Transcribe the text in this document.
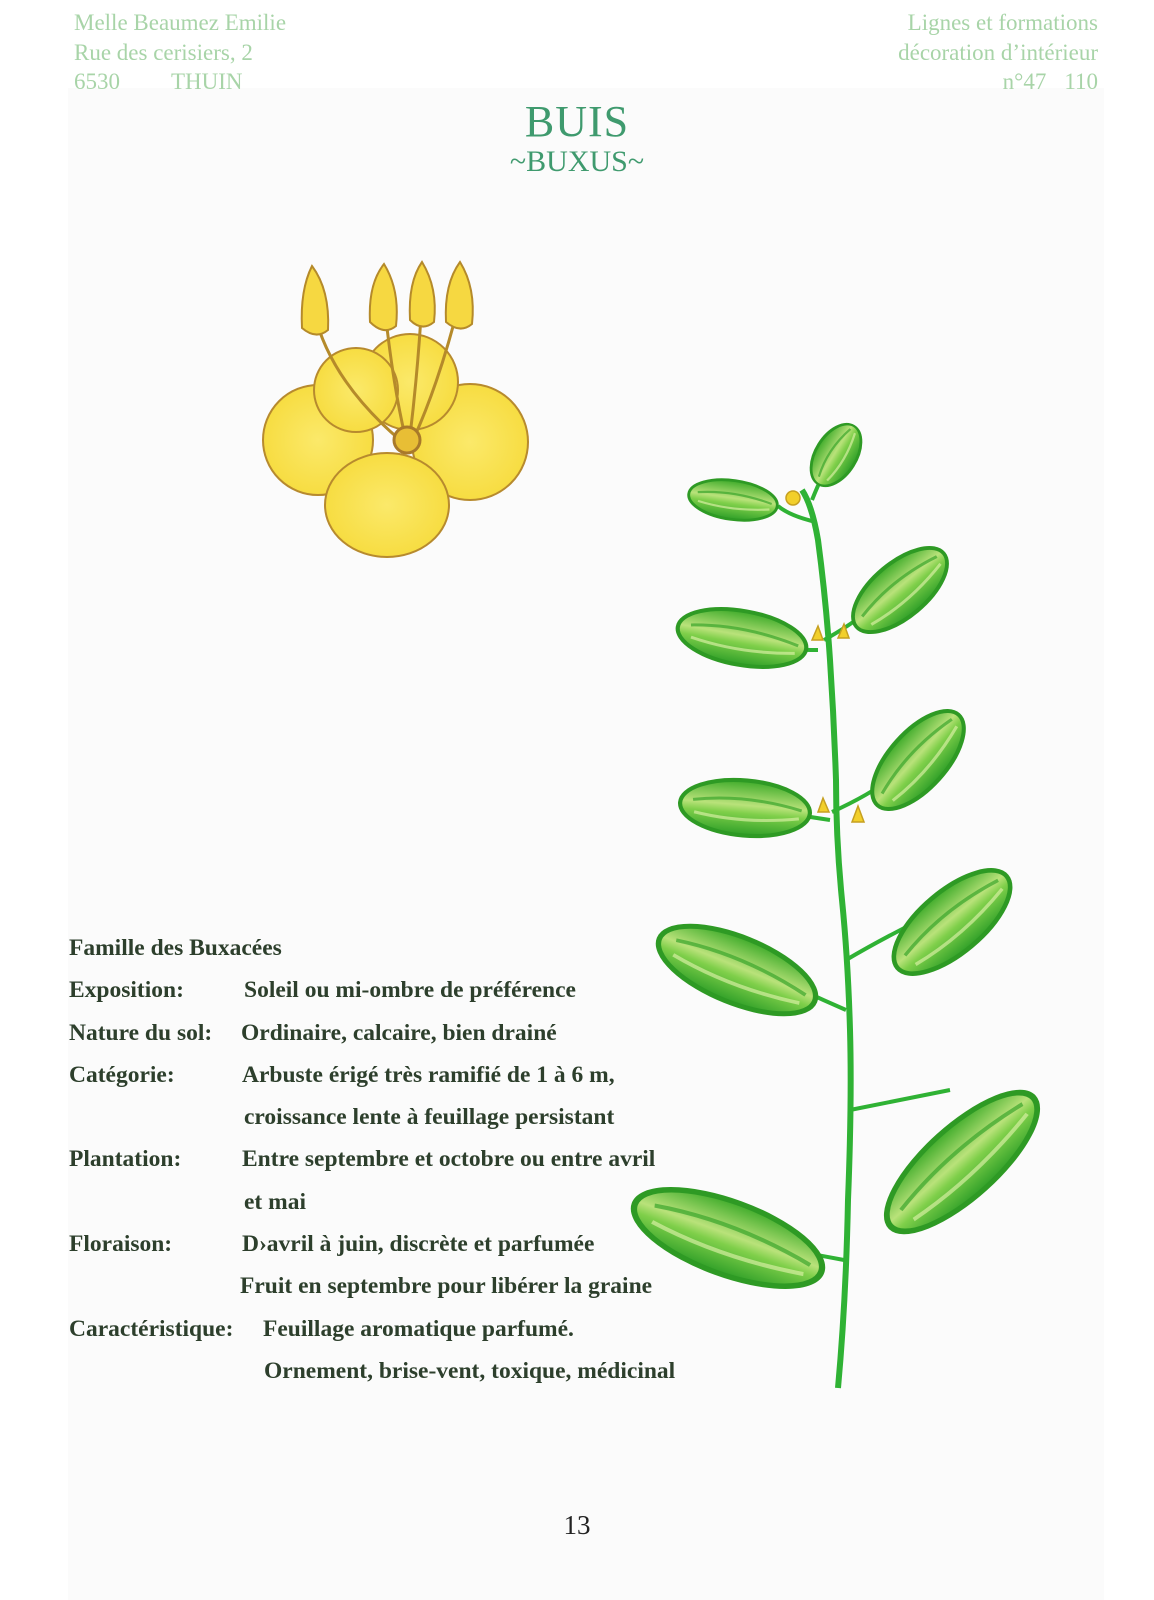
Melle Beaumez Emilie
Rue des cerisiers, 2
6530 THUIN
Lignes et formations
décoration d’intérieur
n°47 110
BUIS
~BUXUS~
Famille des Buxacées
Exposition:	Soleil ou mi-ombre de préférence
Nature du sol: Ordinaire, calcaire, bien drainé
Catégorie:	Arbuste érigé très ramifié de 1 à 6 m,
croissance lente à feuillage persistant
Plantation:	Entre septembre et octobre ou entre avril
et mai
Floraison:	D›avril à juin, discrète et parfumée
Fruit en septembre pour libérer la graine
Caractéristique: Feuillage aromatique parfumé.
Ornement, brise-vent, toxique, médicinal
13
